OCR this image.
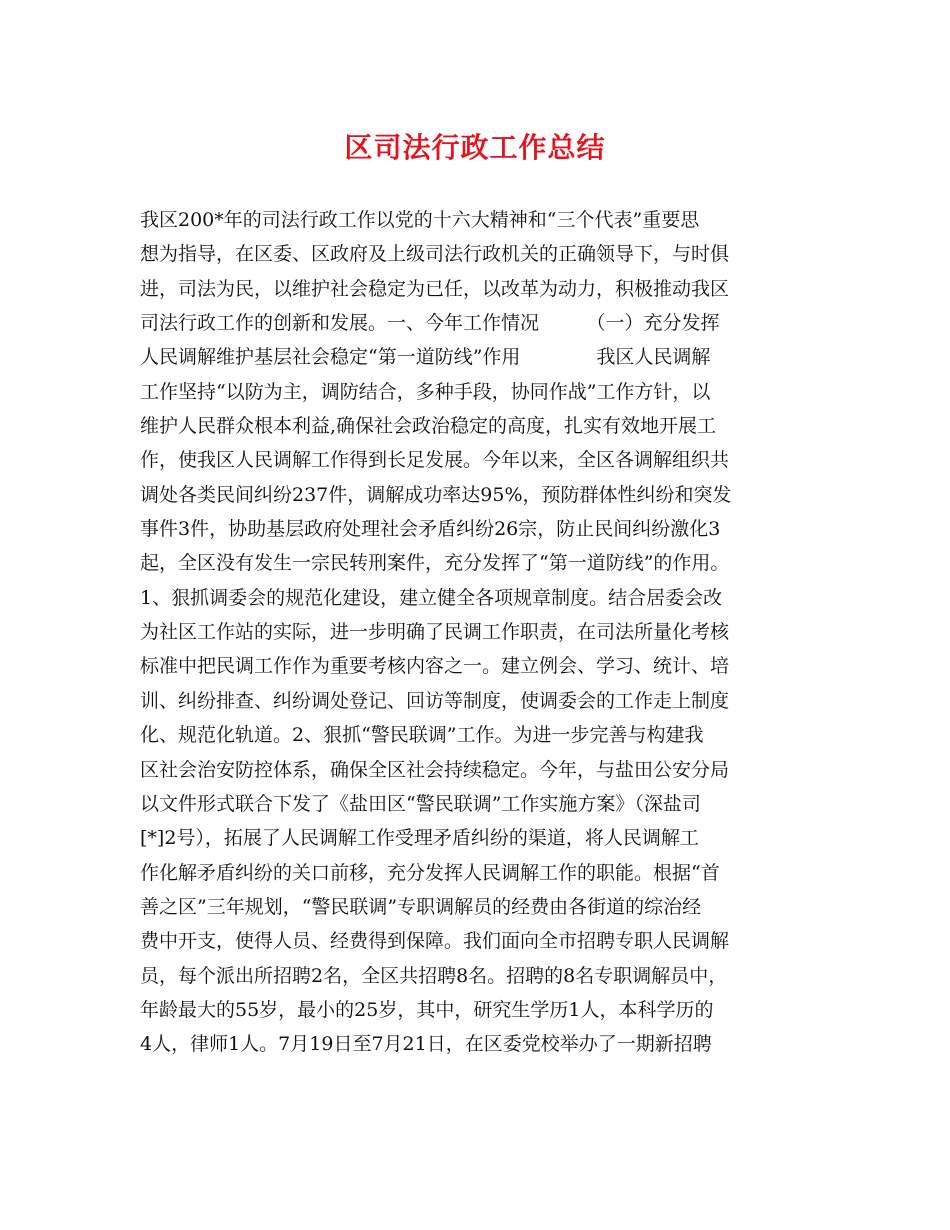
区司法行政工作总结
我区200*年的司法行政工作以党的十六大精神和“三个代表”重要思
想为指导，在区委、区政府及上级司法行政机关的正确领导下，与时俱
进，司法为民，以维护社会稳定为已任，以改革为动力，积极推动我区
司法行政工作的创新和发展。一、今年工作情况　　　（一）充分发挥
人民调解维护基层社会稳定“第一道防线”作用　　　　我区人民调解
工作坚持“以防为主，调防结合，多种手段，协同作战”工作方针，以
维护人民群众根本利益,确保社会政治稳定的高度，扎实有效地开展工
作，使我区人民调解工作得到长足发展。今年以来，全区各调解组织共
调处各类民间纠纷237件，调解成功率达95%，预防群体性纠纷和突发
事件3件，协助基层政府处理社会矛盾纠纷26宗，防止民间纠纷激化3
起，全区没有发生一宗民转刑案件，充分发挥了“第一道防线”的作用。
1、狠抓调委会的规范化建设，建立健全各项规章制度。结合居委会改
为社区工作站的实际，进一步明确了民调工作职责，在司法所量化考核
标准中把民调工作作为重要考核内容之一。建立例会、学习、统计、培
训、纠纷排查、纠纷调处登记、回访等制度，使调委会的工作走上制度
化、规范化轨道。2、狠抓“警民联调”工作。为进一步完善与构建我
区社会治安防控体系，确保全区社会持续稳定。今年，与盐田公安分局
以文件形式联合下发了《盐田区“警民联调”工作实施方案》（深盐司
[*]2号），拓展了人民调解工作受理矛盾纠纷的渠道，将人民调解工
作化解矛盾纠纷的关口前移，充分发挥人民调解工作的职能。根据“首
善之区”三年规划，“警民联调”专职调解员的经费由各街道的综治经
费中开支，使得人员、经费得到保障。我们面向全市招聘专职人民调解
员，每个派出所招聘2名，全区共招聘8名。招聘的8名专职调解员中，
年龄最大的55岁，最小的25岁，其中，研究生学历1人，本科学历的
4人，律师1人。7月19日至7月21日，在区委党校举办了一期新招聘
